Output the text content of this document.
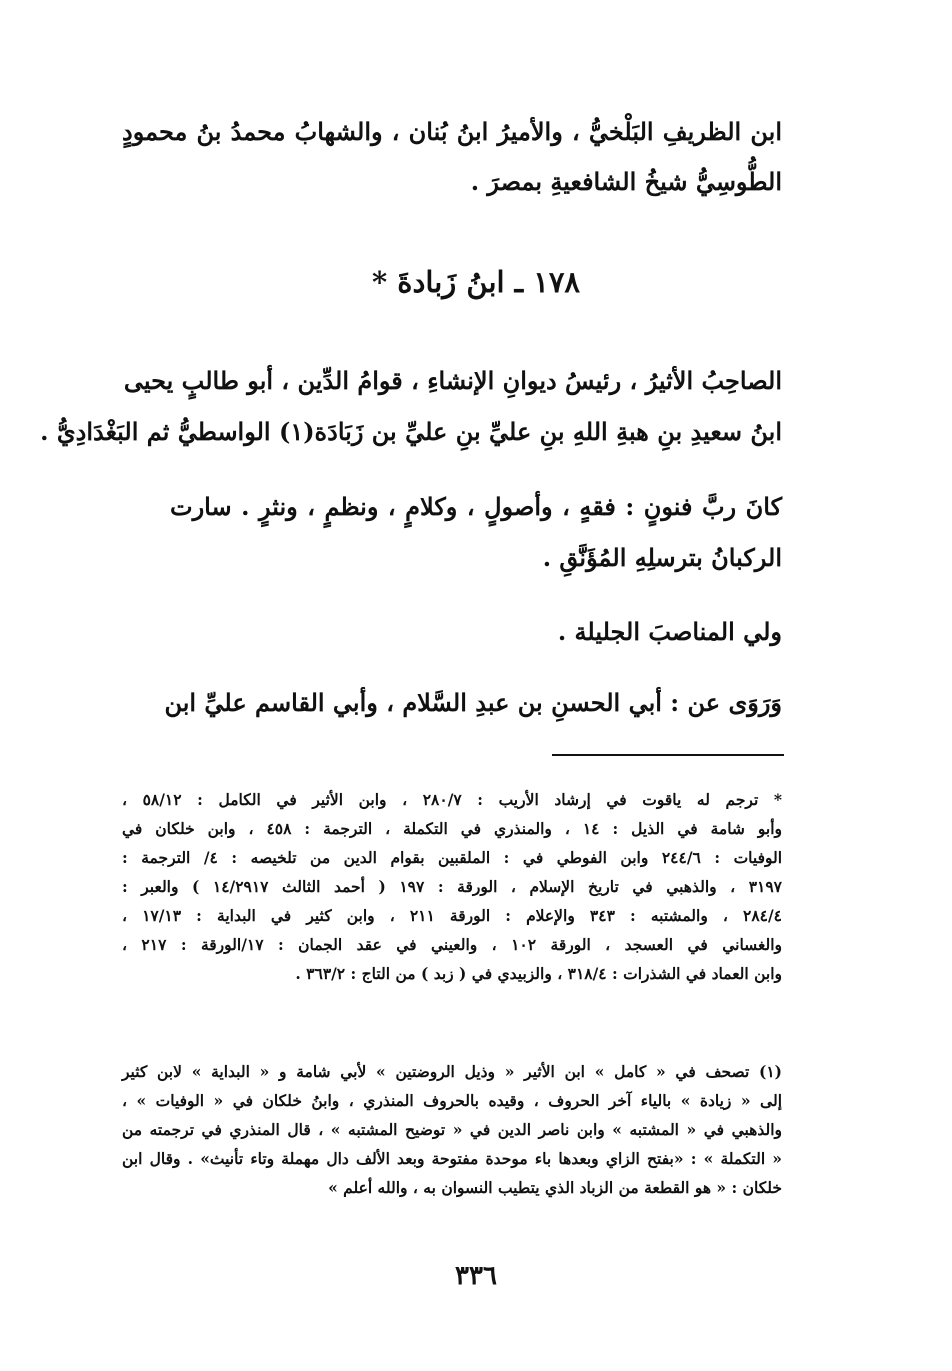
ابن الظريفِ البَلْخيُّ ، والأميرُ ابنُ بُنان ، والشهابُ محمدُ بنُ محمودٍ
الطُّوسِيُّ شيخُ الشافعيةِ بمصرَ .
١٧٨ ـ ابنُ زَبادةَ *
الصاحِبُ الأثيرُ ، رئيسُ ديوانِ الإنشاءِ ، قوامُ الدِّين ، أبو طالبٍ يحيى
ابنُ سعيدِ بنِ هبةِ اللهِ بنِ عليِّ بنِ عليِّ بن زَبَادَة(١) الواسطيُّ ثم البَغْدَادِيُّ .
كانَ ربَّ فنونٍ : فقهٍ ، وأصولٍ ، وكلامٍ ، ونظمٍ ، ونثرٍ . سارت
الركبانُ بترسلِهِ المُؤَنَّقِ .
ولي المناصبَ الجليلة .
وَرَوَى عن : أبي الحسنِ بن عبدِ السَّلام ، وأبي القاسم عليِّ ابن
* ترجم له ياقوت في إرشاد الأريب : ٢٨٠/٧ ، وابن الأثير في الكامل : ٥٨/١٢ ،
وأبو شامة في الذيل : ١٤ ، والمنذري في التكملة ، الترجمة : ٤٥٨ ، وابن خلكان في
الوفيات : ٢٤٤/٦ وابن الفوطي في : الملقبين بقوام الدين من تلخيصه : ٤/ الترجمة :
٣١٩٧ ، والذهبي في تاريخ الإسلام ، الورقة : ١٩٧ ( أحمد الثالث ١٤/٢٩١٧ ) والعبر :
٢٨٤/٤ ، والمشتبه : ٣٤٣ والإعلام : الورقة ٢١١ ، وابن كثير في البداية : ١٧/١٣ ،
والغساني في العسجد ، الورقة ١٠٢ ، والعيني في عقد الجمان : ١٧/الورقة : ٢١٧ ،
وابن العماد في الشذرات : ٣١٨/٤ ، والزبيدي في ( زبد ) من التاج : ٣٦٣/٢ .
(١) تصحف في « كامل » ابن الأثير « وذيل الروضتين » لأبي شامة و « البداية » لابن كثير
إلى « زيادة » بالياء آخر الحروف ، وقيده بالحروف المنذري ، وابنُ خلكان في « الوفيات » ،
والذهبي في « المشتبه » وابن ناصر الدين في « توضيح المشتبه » ، قال المنذري في ترجمته من
« التكملة » : «بفتح الزاي وبعدها باء موحدة مفتوحة وبعد الألف دال مهملة وتاء تأنيث» . وقال ابن
خلكان : « هو القطعة من الزباد الذي يتطيب النسوان به ، والله أعلم »
٣٣٦
